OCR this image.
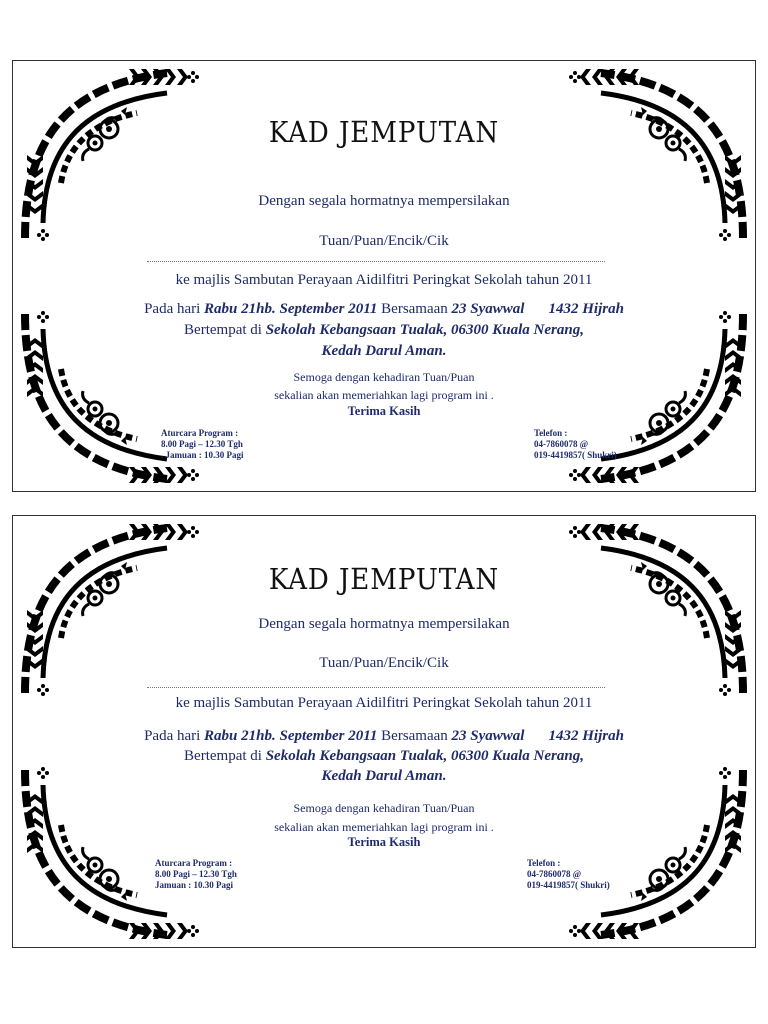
KAD JEMPUTAN
Dengan segala hormatnya mempersilakan
Tuan/Puan/Encik/Cik
ke majlis Sambutan Perayaan Aidilfitri Peringkat Sekolah tahun 2011
Pada hari Rabu 21hb. September 2011 Bersamaan 23 Syawwal 1432 Hijrah
Bertempat di Sekolah Kebangsaan Tualak, 06300 Kuala Nerang,
Kedah Darul Aman.
Semoga dengan kehadiran Tuan/Puan
sekalian akan memeriahkan lagi program ini .
Terima Kasih
Aturcara Program :
8.00 Pagi – 12.30 Tgh
. Jamuan : 10.30 Pagi
Telefon :
04-7860078 @
019-4419857( Shukri)
KAD JEMPUTAN
Dengan segala hormatnya mempersilakan
Tuan/Puan/Encik/Cik
ke majlis Sambutan Perayaan Aidilfitri Peringkat Sekolah tahun 2011
Pada hari Rabu 21hb. September 2011 Bersamaan 23 Syawwal 1432 Hijrah
Bertempat di Sekolah Kebangsaan Tualak, 06300 Kuala Nerang,
Kedah Darul Aman.
Semoga dengan kehadiran Tuan/Puan
sekalian akan memeriahkan lagi program ini .
Terima Kasih
Aturcara Program :
8.00 Pagi – 12.30 Tgh
Jamuan : 10.30 Pagi
Telefon :
04-7860078 @
019-4419857( Shukri)
